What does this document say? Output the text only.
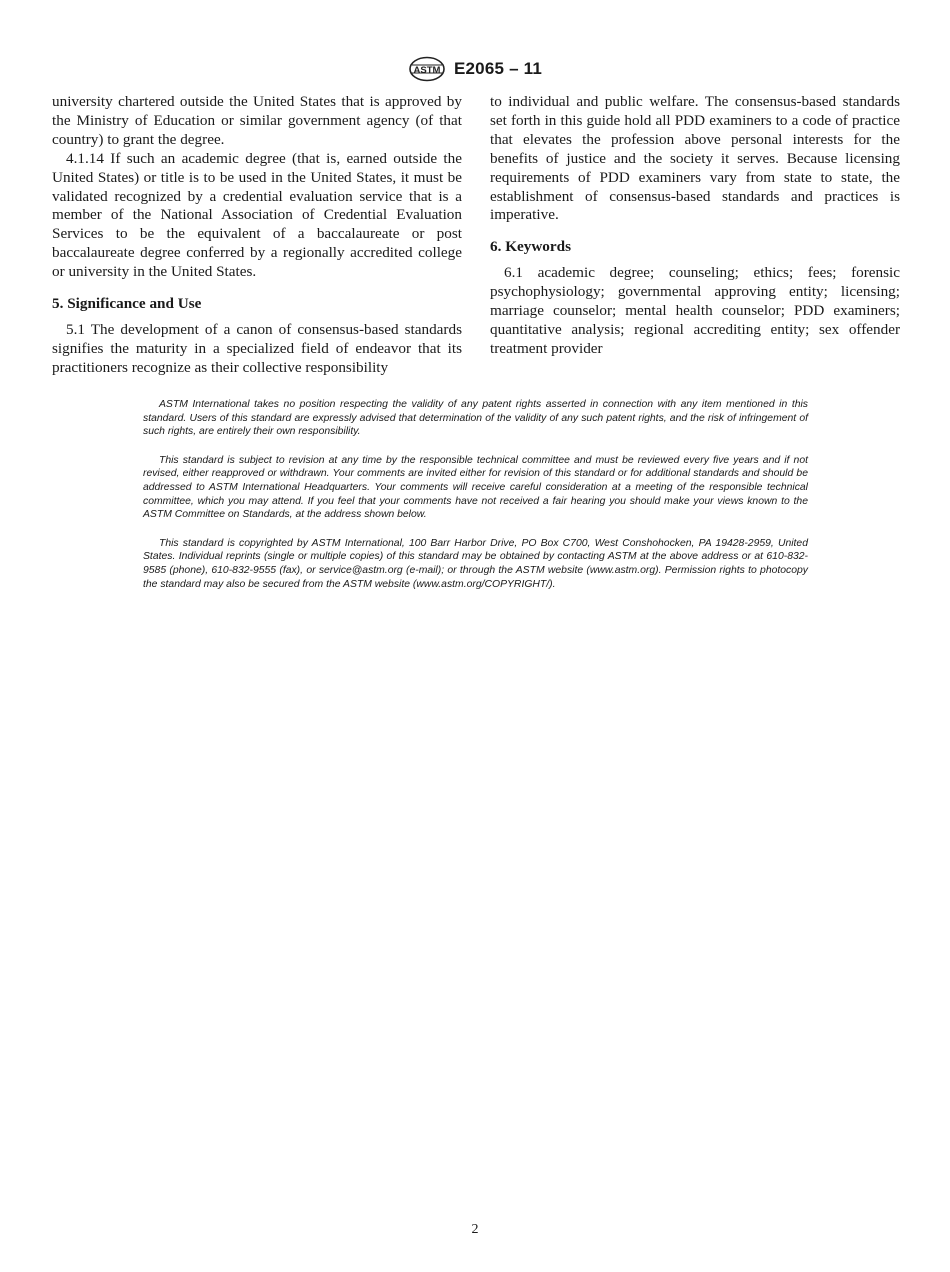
ASTM E2065 – 11

university chartered outside the United States that is approved by the Ministry of Education or similar government agency (of that country) to grant the degree.

4.1.14 If such an academic degree (that is, earned outside the United States) or title is to be used in the United States, it must be validated recognized by a credential evaluation service that is a member of the National Association of Credential Evaluation Services to be the equivalent of a baccalaureate or post baccalaureate degree conferred by a regionally accredited college or university in the United States.

5. Significance and Use

5.1 The development of a canon of consensus-based standards signifies the maturity in a specialized field of endeavor that its practitioners recognize as their collective responsibility

to individual and public welfare. The consensus-based standards set forth in this guide hold all PDD examiners to a code of practice that elevates the profession above personal interests for the benefits of justice and the society it serves. Because licensing requirements of PDD examiners vary from state to state, the establishment of consensus-based standards and practices is imperative.

6. Keywords

6.1 academic degree; counseling; ethics; fees; forensic psychophysiology; governmental approving entity; licensing; marriage counselor; mental health counselor; PDD examiners; quantitative analysis; regional accrediting entity; sex offender treatment provider

ASTM International takes no position respecting the validity of any patent rights asserted in connection with any item mentioned in this standard. Users of this standard are expressly advised that determination of the validity of any such patent rights, and the risk of infringement of such rights, are entirely their own responsibility.

This standard is subject to revision at any time by the responsible technical committee and must be reviewed every five years and if not revised, either reapproved or withdrawn. Your comments are invited either for revision of this standard or for additional standards and should be addressed to ASTM International Headquarters. Your comments will receive careful consideration at a meeting of the responsible technical committee, which you may attend. If you feel that your comments have not received a fair hearing you should make your views known to the ASTM Committee on Standards, at the address shown below.

This standard is copyrighted by ASTM International, 100 Barr Harbor Drive, PO Box C700, West Conshohocken, PA 19428-2959, United States. Individual reprints (single or multiple copies) of this standard may be obtained by contacting ASTM at the above address or at 610-832-9585 (phone), 610-832-9555 (fax), or service@astm.org (e-mail); or through the ASTM website (www.astm.org). Permission rights to photocopy the standard may also be secured from the ASTM website (www.astm.org/COPYRIGHT/).

2
